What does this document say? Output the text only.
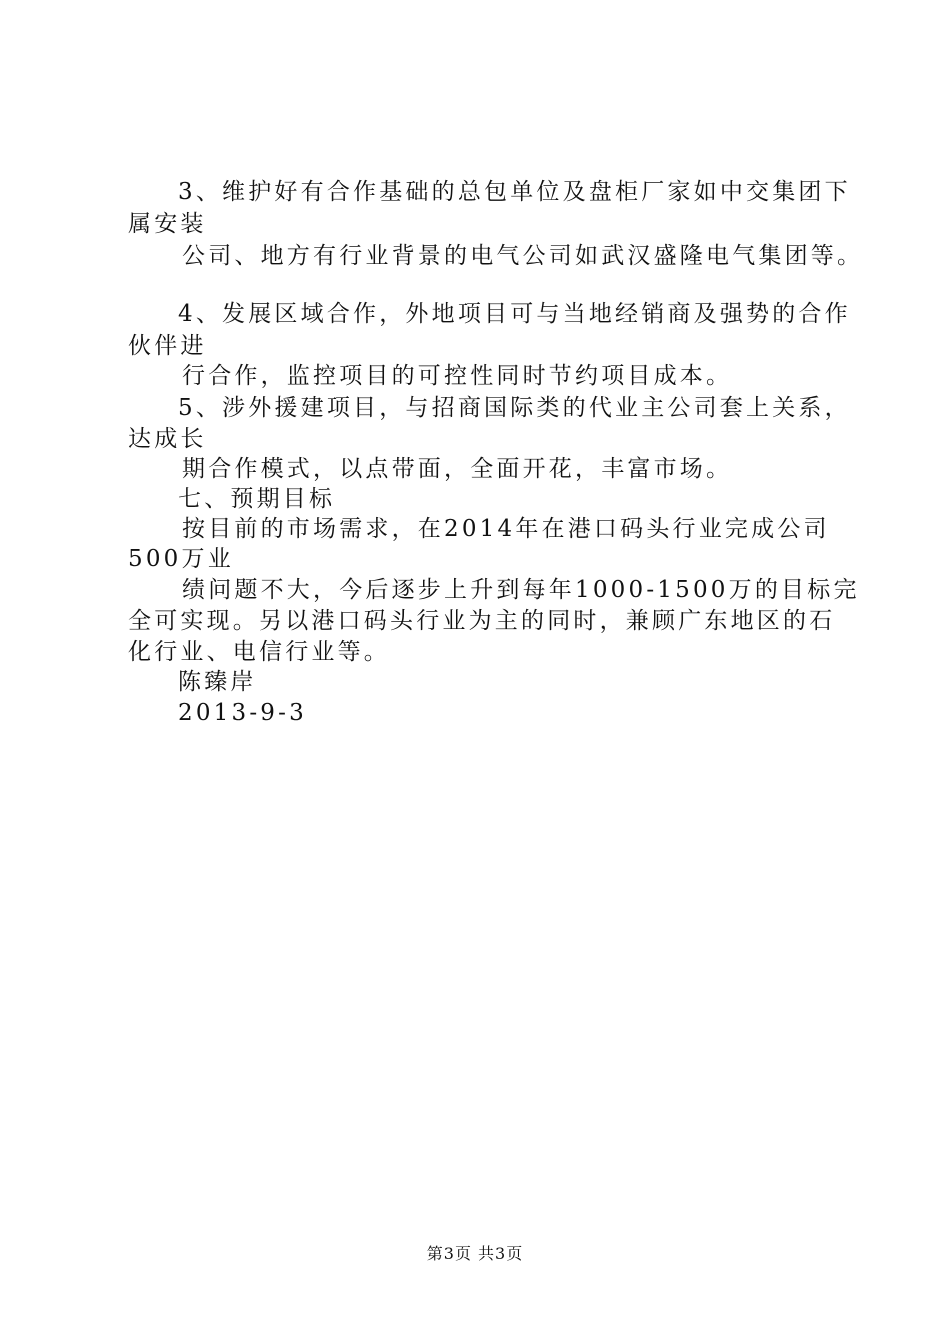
3、维护好有合作基础的总包单位及盘柜厂家如中交集团下

属安装

公司、地方有行业背景的电气公司如武汉盛隆电气集团等。

4、发展区域合作，外地项目可与当地经销商及强势的合作

伙伴进

行合作，监控项目的可控性同时节约项目成本。

5、涉外援建项目，与招商国际类的代业主公司套上关系，

达成长

期合作模式，以点带面，全面开花，丰富市场。

七、预期目标

按目前的市场需求，在2014年在港口码头行业完成公司

500万业

绩问题不大，今后逐步上升到每年1000-1500万的目标完

全可实现。另以港口码头行业为主的同时，兼顾广东地区的石

化行业、电信行业等。

陈臻岸

2013-9-3

第3页 共3页
